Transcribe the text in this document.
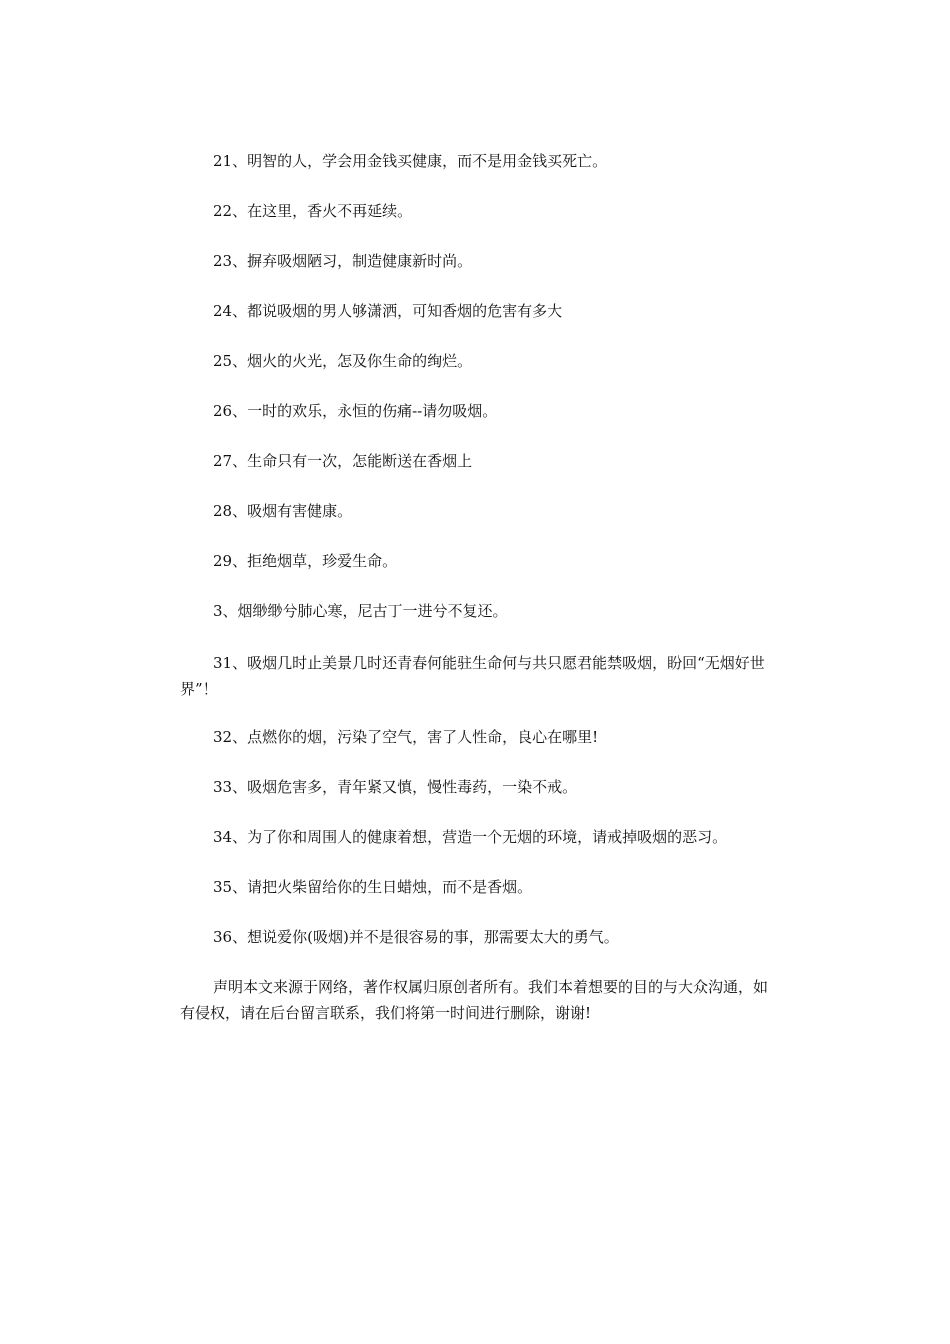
21、明智的人，学会用金钱买健康，而不是用金钱买死亡。

22、在这里，香火不再延续。

23、摒弃吸烟陋习，制造健康新时尚。

24、都说吸烟的男人够潇洒，可知香烟的危害有多大

25、烟火的火光，怎及你生命的绚烂。

26、一时的欢乐，永恒的伤痛--请勿吸烟。

27、生命只有一次，怎能断送在香烟上

28、吸烟有害健康。

29、拒绝烟草，珍爱生命。

3、烟缈缈兮肺心寒，尼古丁一进兮不复还。

31、吸烟几时止美景几时还青春何能驻生命何与共只愿君能禁吸烟，盼回“无烟好世界”！

32、点燃你的烟，污染了空气，害了人性命，良心在哪里!

33、吸烟危害多，青年紧又慎，慢性毒药，一染不戒。

34、为了你和周围人的健康着想，营造一个无烟的环境，请戒掉吸烟的恶习。

35、请把火柴留给你的生日蜡烛，而不是香烟。

36、想说爱你(吸烟)并不是很容易的事，那需要太大的勇气。

声明本文来源于网络，著作权属归原创者所有。我们本着想要的目的与大众沟通，如有侵权，请在后台留言联系，我们将第一时间进行删除，谢谢!
